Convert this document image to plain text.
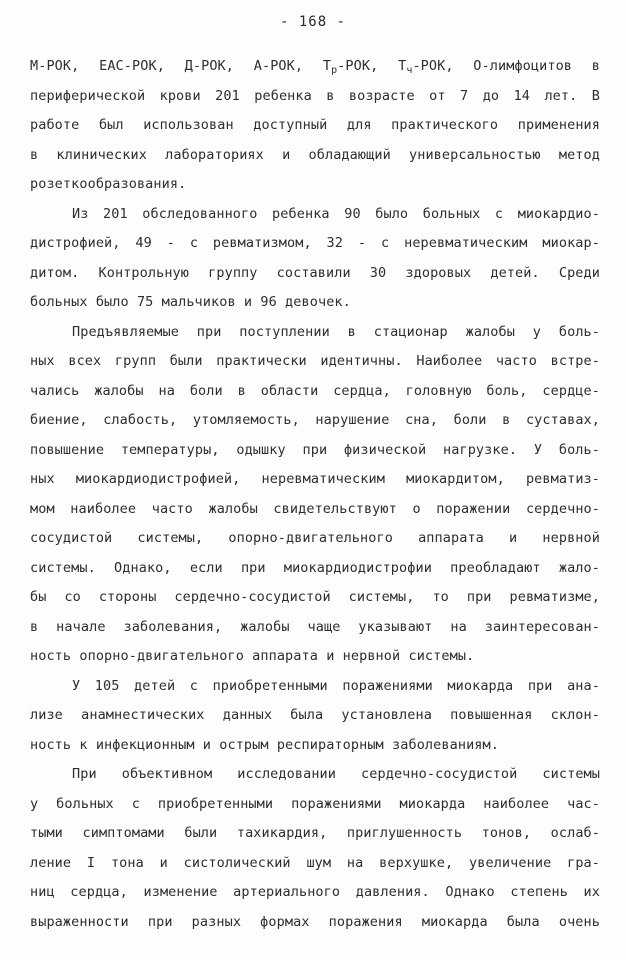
- 168 -
М-РОК, ЕАС-РОК, Д-РОК, А-РОК, $Т_p$-РОК, $Т_ч$-РОК, О-лимфоцитов в
периферической крови 201 ребенка в возрасте от 7 до 14 лет. В
работе был использован доступный для практического применения
в клинических лабораториях и обладающий универсальностью метод
розеткообразования.
Из 201 обследованного ребенка 90 было больных с миокардио-
дистрофией, 49 - с ревматизмом, 32 - с неревматическим миокар-
дитом. Контрольную группу составили 30 здоровых детей. Среди
больных было 75 мальчиков и 96 девочек.
Предъявляемые при поступлении в стационар жалобы у боль-
ных всех групп были практически идентичны. Наиболее часто встре-
чались жалобы на боли в области сердца, головную боль, сердце-
биение, слабость, утомляемость, нарушение сна, боли в суставах,
повышение температуры, одышку при физической нагрузке. У боль-
ных миокардиодистрофией, неревматическим миокардитом, ревматиз-
мом наиболее часто жалобы свидетельствуют о поражении сердечно-
сосудистой системы, опорно-двигательного аппарата и нервной
системы. Однако, если при миокардиодистрофии преобладают жало-
бы со стороны сердечно-сосудистой системы, то при ревматизме,
в начале заболевания, жалобы чаще указывают на заинтересован-
ность опорно-двигательного аппарата и нервной системы.
У 105 детей с приобретенными поражениями миокарда при ана-
лизе анамнестических данных была установлена повышенная склон-
ность к инфекционным и острым респираторным заболеваниям.
При объективном исследовании сердечно-сосудистой системы
у больных с приобретенными поражениями миокарда наиболее час-
тыми симптомами были тахикардия, приглушенность тонов, ослаб-
ление I тона и систолический шум на верхушке, увеличение гра-
ниц сердца, изменение артериального давления. Однако степень их
выраженности при разных формах поражения миокарда была очень
